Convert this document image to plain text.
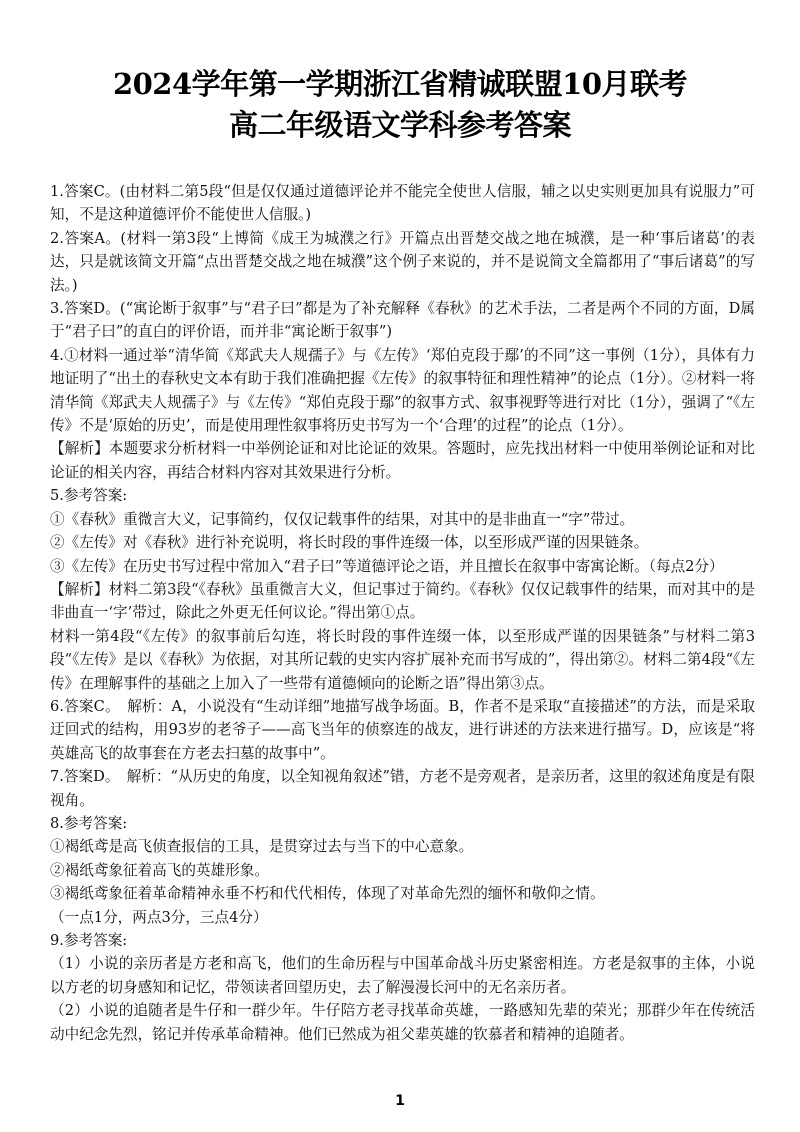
2024学年第一学期浙江省精诚联盟10月联考
高二年级语文学科参考答案

1.答案C。(由材料二第5段“但是仅仅通过道德评论并不能完全使世人信服，辅之以史实则更加具有说服力”可知，不是这种道德评价不能使世人信服。)

2.答案A。(材料一第3段“上博简《成王为城濮之行》开篇点出晋楚交战之地在城濮，是一种‘事后诸葛’的表达，只是就该简文开篇“点出晋楚交战之地在城濮”这个例子来说的，并不是说简文全篇都用了“事后诸葛”的写法。)

3.答案D。(“寓论断于叙事”与“君子曰”都是为了补充解释《春秋》的艺术手法，二者是两个不同的方面，D属于“君子曰”的直白的评价语，而并非“寓论断于叙事”)

4.①材料一通过举“清华简《郑武夫人规孺子》与《左传》‘郑伯克段于鄢’的不同”这一事例（1分），具体有力地证明了“出土的春秋史文本有助于我们准确把握《左传》的叙事特征和理性精神”的论点（1分）。②材料一将清华简《郑武夫人规孺子》与《左传》“郑伯克段于鄢”的叙事方式、叙事视野等进行对比（1分），强调了“《左传》不是‘原始的历史’，而是使用理性叙事将历史书写为一个‘合理’的过程”的论点（1分）。

【解析】本题要求分析材料一中举例论证和对比论证的效果。答题时，应先找出材料一中使用举例论证和对比论证的相关内容，再结合材料内容对其效果进行分析。

5.参考答案:

①《春秋》重微言大义，记事简约，仅仅记载事件的结果，对其中的是非曲直一“字”带过。

②《左传》对《春秋》进行补充说明，将长时段的事件连缀一体，以至形成严谨的因果链条。

③《左传》在历史书写过程中常加入“君子曰”等道德评论之语，并且擅长在叙事中寄寓论断。（每点2分）

【解析】材料二第3段“《春秋》虽重微言大义，但记事过于简约。《春秋》仅仅记载事件的结果，而对其中的是非曲直一‘字’带过，除此之外更无任何议论。”得出第①点。

材料一第4段“《左传》的叙事前后勾连，将长时段的事件连缀一体，以至形成严谨的因果链条”与材料二第3段“《左传》是以《春秋》为依据，对其所记载的史实内容扩展补充而书写成的”，得出第②。材料二第4段“《左传》在理解事件的基础之上加入了一些带有道德倾向的论断之语”得出第③点。

6.答案C。　解析：A，小说没有“生动详细”地描写战争场面。B，作者不是采取“直接描述”的方法，而是采取迂回式的结构，用93岁的老爷子——高飞当年的侦察连的战友，进行讲述的方法来进行描写。D，应该是“将英雄高飞的故事套在方老去扫墓的故事中”。

7.答案D。　解析：“从历史的角度，以全知视角叙述”错，方老不是旁观者，是亲历者，这里的叙述角度是有限视角。

8.参考答案:

①褐纸鸢是高飞侦查报信的工具，是贯穿过去与当下的中心意象。

②褐纸鸢象征着高飞的英雄形象。

③褐纸鸢象征着革命精神永垂不朽和代代相传，体现了对革命先烈的缅怀和敬仰之情。

（一点1分，两点3分，三点4分）

9.参考答案:

（1）小说的亲历者是方老和高飞，他们的生命历程与中国革命战斗历史紧密相连。方老是叙事的主体，小说以方老的切身感知和记忆，带领读者回望历史，去了解漫漫长河中的无名亲历者。

（2）小说的追随者是牛仔和一群少年。牛仔陪方老寻找革命英雄，一路感知先辈的荣光；那群少年在传统活动中纪念先烈，铭记并传承革命精神。他们已然成为祖父辈英雄的钦慕者和精神的追随者。

1
